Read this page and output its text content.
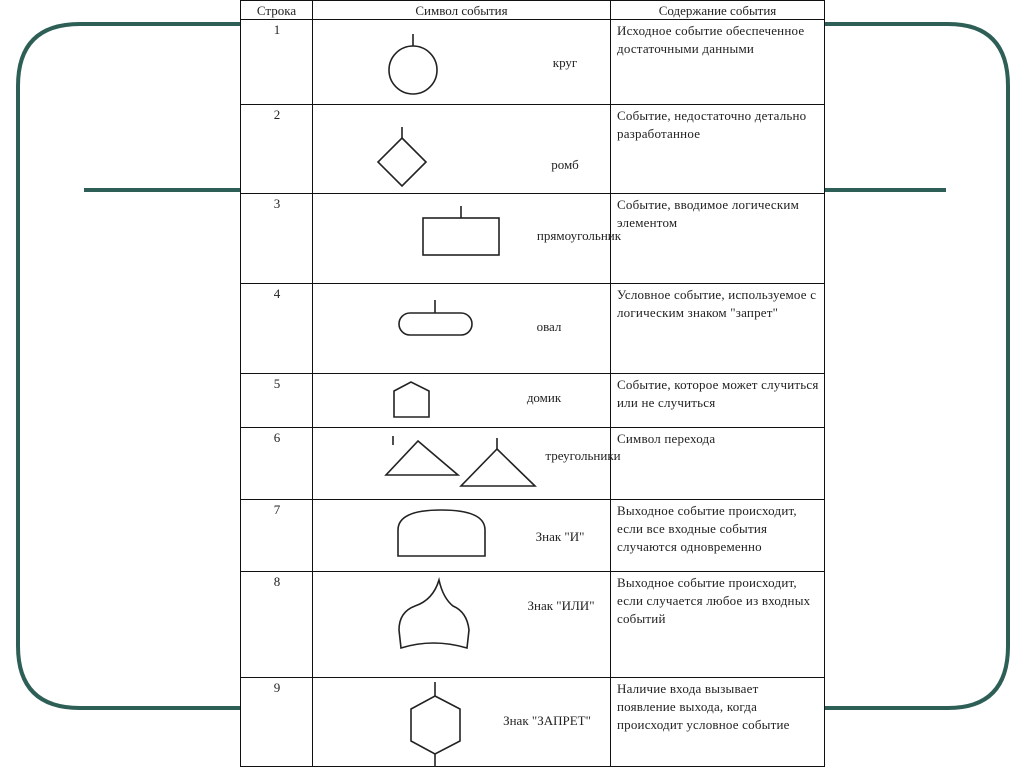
Строка	Символ события	Содержание события
1
круг
Исходное событие обеспеченное достаточными данными
2
ромб
Событие, недостаточно детально разработанное
3
прямоугольник
Событие, вводимое логическим элементом
4
овал
Условное событие, используемое с логическим знаком "запрет"
5
домик
Событие, которое может случиться или не случиться
6
треугольники
Символ перехода
7
Знак "И"
Выходное событие происходит, если все входные события случаются одновременно
8
Знак "ИЛИ"
Выходное событие происходит, если случается любое из входных событий
9
Знак "ЗАПРЕТ"
Наличие входа вызывает появление выхода, когда происходит условное событие
